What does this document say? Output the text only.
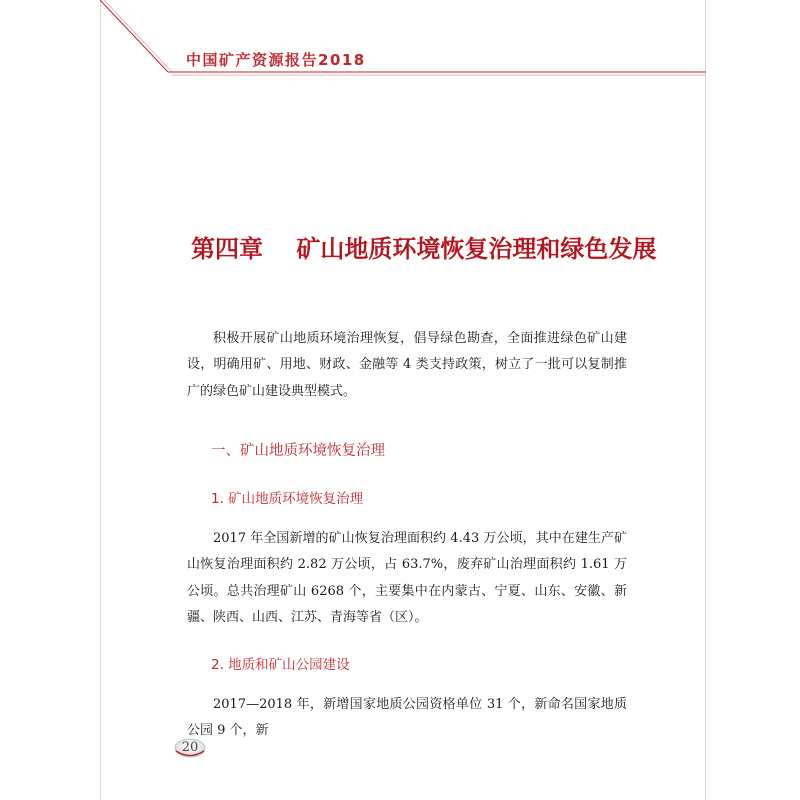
中国矿产资源报告2018
第四章    矿山地质环境恢复治理和绿色发展

积极开展矿山地质环境治理恢复，倡导绿色勘查，全面推进绿色矿山建设，明确用矿、用地、财政、金融等 4 类支持政策，树立了一批可以复制推广的绿色矿山建设典型模式。

一、矿山地质环境恢复治理
1. 矿山地质环境恢复治理

2017 年全国新增的矿山恢复治理面积约 4.43 万公顷，其中在建生产矿山恢复治理面积约 2.82 万公顷，占 63.7%，废弃矿山治理面积约 1.61 万公顷。总共治理矿山 6268 个，主要集中在内蒙古、宁夏、山东、安徽、新疆、陕西、山西、江苏、青海等省（区）。

2. 地质和矿山公园建设

2017—2018 年，新增国家地质公园资格单位 31 个，新命名国家地质公园 9 个，新

20
